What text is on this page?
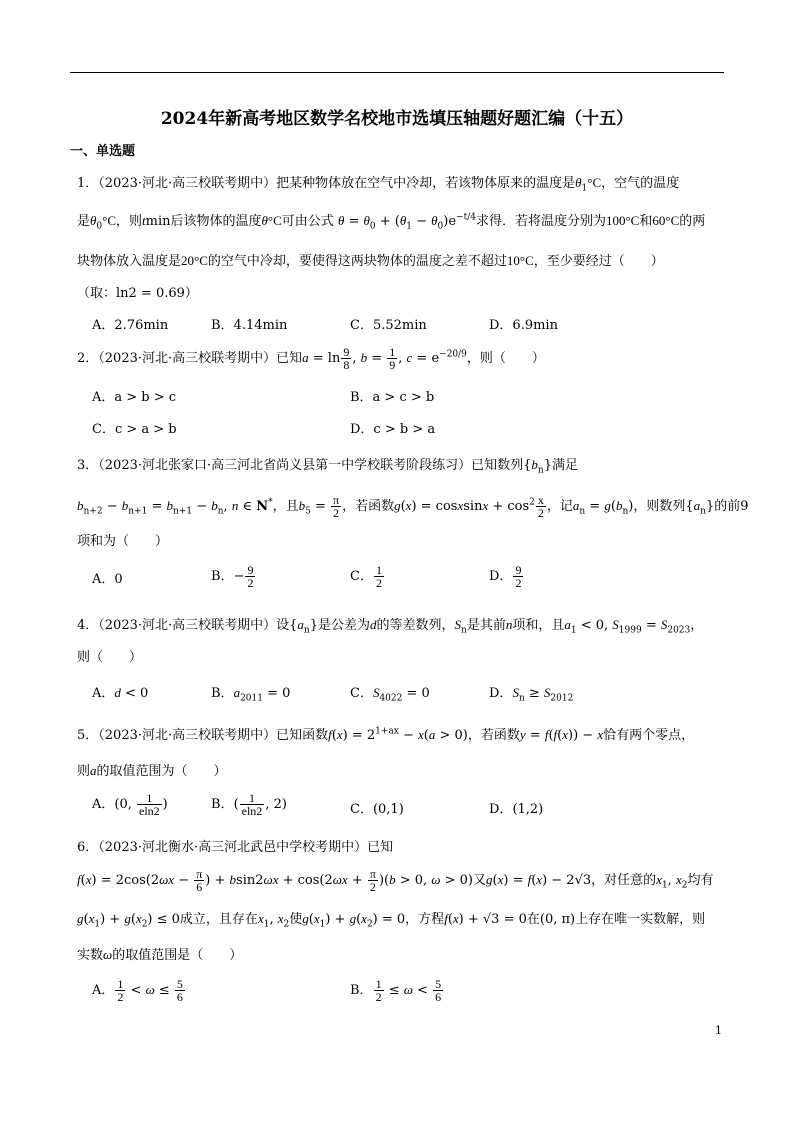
2024年新高考地区数学名校地市选填压轴题好题汇编（十五）
一、单选题
1．（2023·河北·高三校联考期中）把某种物体放在空气中冷却，若该物体原来的温度是$\theta_1^\circ C$，空气的温度
是$\theta_0^\circ C$，则tmin后该物体的温度θ°C可由公式 $\theta = \theta_0 + (\theta_1 - \theta_0)e^{-t/4}$求得．若将温度分别为100°C和60°C的两
块物体放入温度是20°C的空气中冷却，要使得这两块物体的温度之差不超过10°C，至少要经过（　　）
（取：ln2 = 0.69）
A．2.76min	B．4.14min	C．5.52min	D．6.9min
2．（2023·河北·高三校联考期中）已知$a = \ln \frac{9}{8}$ , $b = \frac{1}{9}$ , $c = e^{-20/9}$，则（　　）
A．a > b > c	B．a > c > b
C．c > a > b	D．c > b > a
3．（2023·河北张家口·高三河北省尚义县第一中学校联考阶段练习）已知数列$\{b_n\}$满足
$b_{n+2} - b_{n+1} = b_{n+1} - b_n$, n ∈ N*，且$b_5 = \frac{\pi}{2}$ ，若函数g(x) = cosxsinx + $\cos^2 \frac{x}{2}$ ，记$a_n = g(b_n)$，则数列$\{a_n\}$的前9
项和为（　　）
A．0	B．− $\frac{9}{2}$	C． $\frac{1}{2}$	D． $\frac{9}{2}$
4．（2023·河北·高三校联考期中）设$\{a_n\}$是公差为d的等差数列，$S_n$是其前n项和，且$a_1 < 0$, $S_{1999} = S_{2023}$，
则（　　）
A．d < 0	B．$a_{2011} = 0$	C．$S_{4022} = 0$	D．$S_n \ge S_{2012}$
5．（2023·河北·高三校联考期中）已知函数$f(x) = 2^{1+ax} - x(a > 0)$，若函数y = f(f(x)) − x恰有两个零点，
则a的取值范围为（　　）
A．(0, $\frac{1}{eln2}$ )	B．( $\frac{1}{eln2}$ , 2)	C．(0,1)	D．(1,2)
6．（2023·河北衡水·高三河北武邑中学校考期中）已知
$f(x) = 2\cos(2\omega x - \frac{\pi}{6}$ ) + $bsin2\omega x + \cos(2\omega x + \frac{\pi}{2} )(b > 0$, ω > 0)又g(x) = f(x) − 2√3，对任意的$x_1$, $x_2$均有
$g(x_1) + g(x_2) \le 0$成立，且存在$x_1$, $x_2$使$g(x_1) + g(x_2) = 0$，方程f(x) + √3 = 0在(0, π)上存在唯一实数解，则
实数ω的取值范围是（　　）
A． $\frac{1}{2} < \omega \le \frac{5}{6}$	B． $\frac{1}{2} \le \omega < \frac{5}{6}$
1
